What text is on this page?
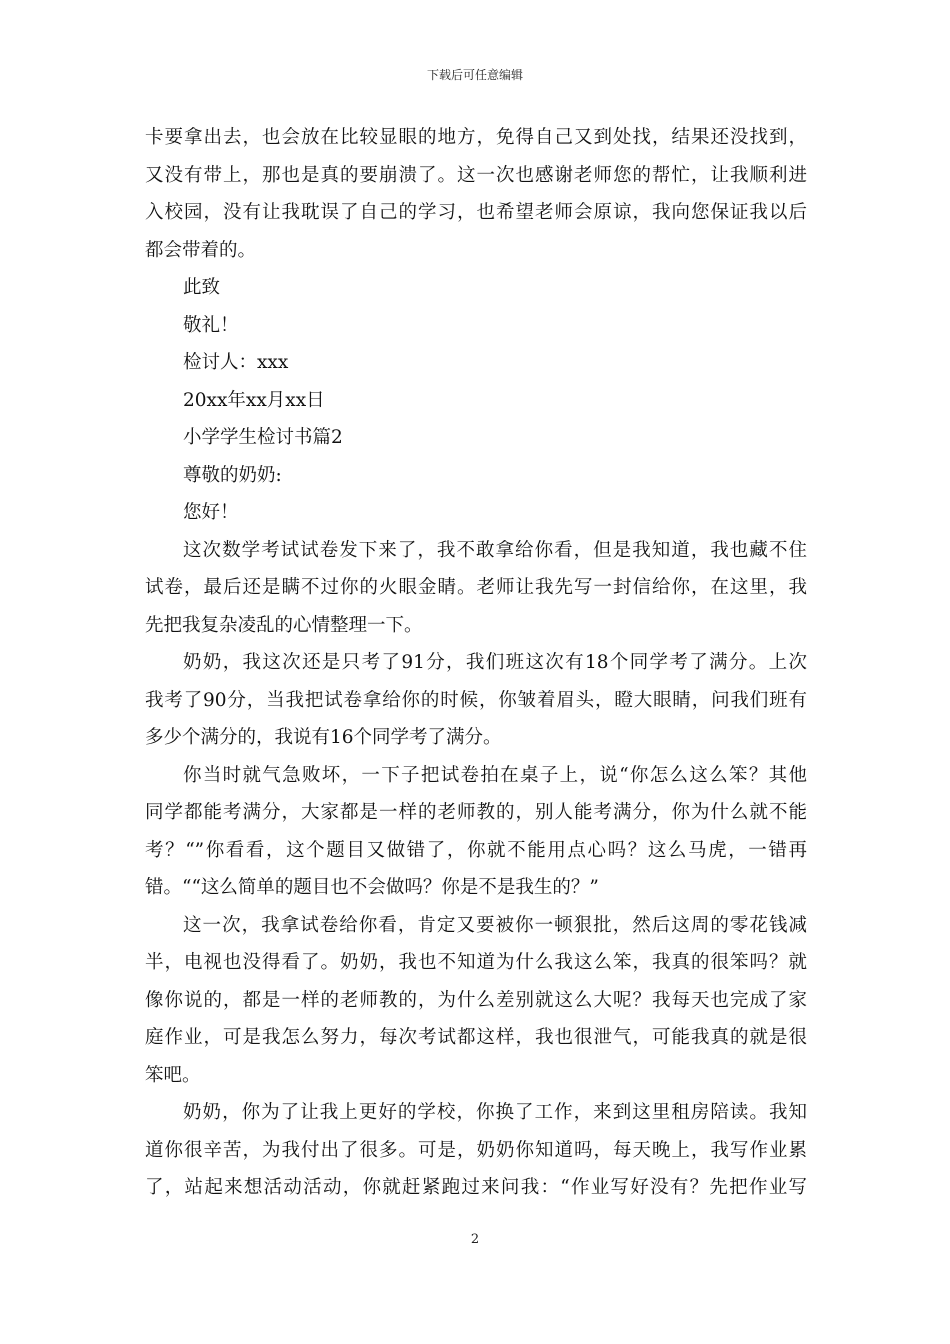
下载后可任意编辑
卡要拿出去，也会放在比较显眼的地方，免得自己又到处找，结果还没找到，
又没有带上，那也是真的要崩溃了。这一次也感谢老师您的帮忙，让我顺利进
入校园，没有让我耽误了自己的学习，也希望老师会原谅，我向您保证我以后
都会带着的。
此致
敬礼！
检讨人：xxx
20xx年xx月xx日
小学学生检讨书篇2
尊敬的奶奶:
您好！
这次数学考试试卷发下来了，我不敢拿给你看，但是我知道，我也藏不住
试卷，最后还是瞒不过你的火眼金睛。老师让我先写一封信给你，在这里，我
先把我复杂凌乱的心情整理一下。
奶奶，我这次还是只考了91分，我们班这次有18个同学考了满分。上次
我考了90分，当我把试卷拿给你的时候，你皱着眉头，瞪大眼睛，问我们班有
多少个满分的，我说有16个同学考了满分。
你当时就气急败坏，一下子把试卷拍在桌子上，说“你怎么这么笨？其他
同学都能考满分，大家都是一样的老师教的，别人能考满分，你为什么就不能
考？“”你看看，这个题目又做错了，你就不能用点心吗？这么马虎，一错再
错。““这么简单的题目也不会做吗？你是不是我生的？”
这一次，我拿试卷给你看，肯定又要被你一顿狠批，然后这周的零花钱减
半，电视也没得看了。奶奶，我也不知道为什么我这么笨，我真的很笨吗？就
像你说的，都是一样的老师教的，为什么差别就这么大呢？我每天也完成了家
庭作业，可是我怎么努力，每次考试都这样，我也很泄气，可能我真的就是很
笨吧。
奶奶，你为了让我上更好的学校，你换了工作，来到这里租房陪读。我知
道你很辛苦，为我付出了很多。可是，奶奶你知道吗，每天晚上，我写作业累
了，站起来想活动活动，你就赶紧跑过来问我：“作业写好没有？先把作业写
2
